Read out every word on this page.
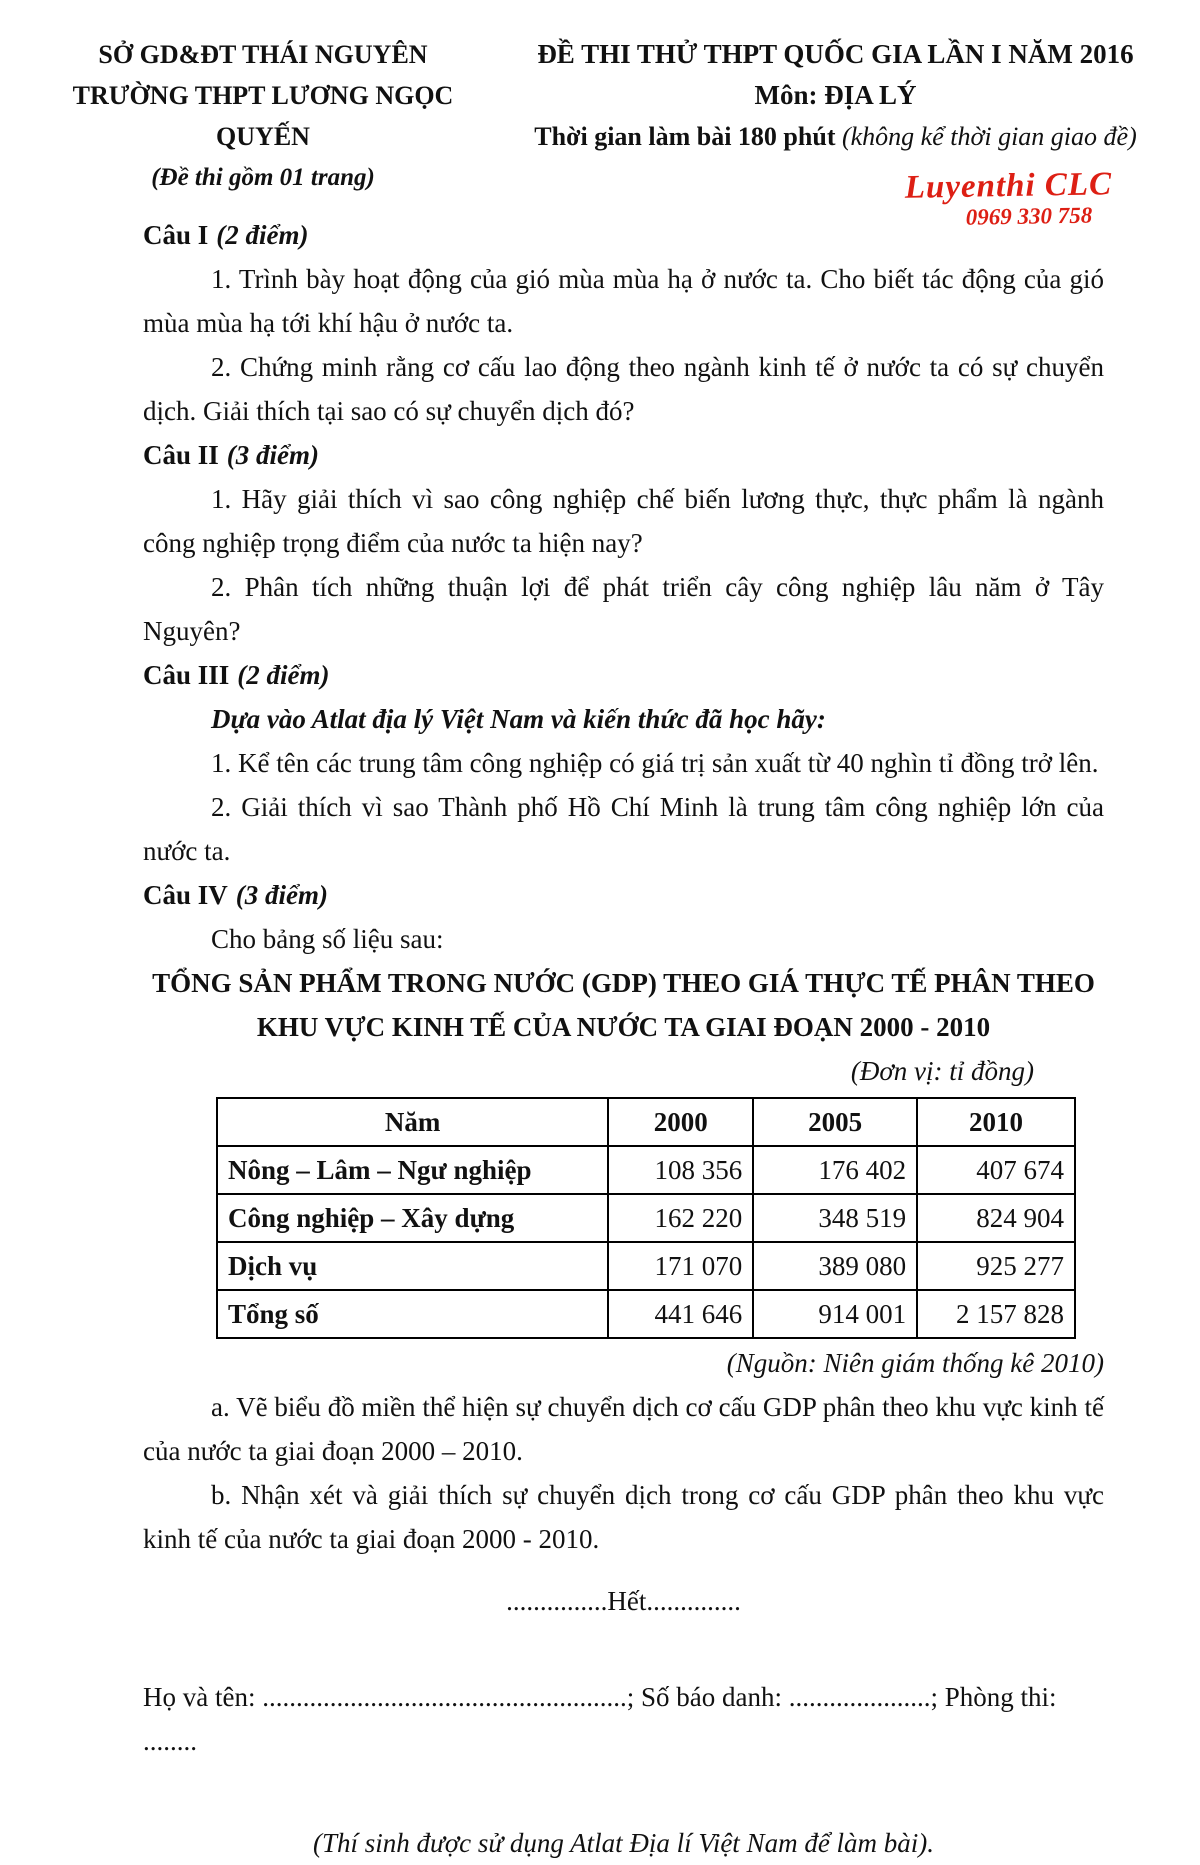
SỞ GD&ĐT THÁI NGUYÊN
TRƯỜNG THPT LƯƠNG NGỌC QUYẾN
(Đề thi gồm 01 trang)
ĐỀ THI THỬ THPT QUỐC GIA LẦN I NĂM 2016
Môn: ĐỊA LÝ
Thời gian làm bài 180 phút (không kể thời gian giao đề)
Luyenthi CLC
0969 330 758

Câu I (2 điểm)

1. Trình bày hoạt động của gió mùa mùa hạ ở nước ta. Cho biết tác động của gió mùa mùa hạ tới khí hậu ở nước ta.

2. Chứng minh rằng cơ cấu lao động theo ngành kinh tế ở nước ta có sự chuyển dịch. Giải thích tại sao có sự chuyển dịch đó?

Câu II (3 điểm)

1. Hãy giải thích vì sao công nghiệp chế biến lương thực, thực phẩm là ngành công nghiệp trọng điểm của nước ta hiện nay?

2. Phân tích những thuận lợi để phát triển cây công nghiệp lâu năm ở Tây Nguyên?

Câu III (2 điểm)

Dựa vào Atlat địa lý Việt Nam và kiến thức đã học hãy:

1. Kể tên các trung tâm công nghiệp có giá trị sản xuất từ 40 nghìn tỉ đồng trở lên.

2. Giải thích vì sao Thành phố Hồ Chí Minh là trung tâm công nghiệp lớn của nước ta.

Câu IV (3 điểm)

Cho bảng số liệu sau:

TỔNG SẢN PHẨM TRONG NƯỚC (GDP) THEO GIÁ THỰC TẾ PHÂN THEO KHU VỰC KINH TẾ CỦA NƯỚC TA GIAI ĐOẠN 2000 - 2010

(Đơn vị: tỉ đồng)

Năm	2000	2005	2010
Nông – Lâm – Ngư nghiệp	108 356	176 402	407 674
Công nghiệp – Xây dựng	162 220	348 519	824 904
Dịch vụ	171 070	389 080	925 277
Tổng số	441 646	914 001	2 157 828

(Nguồn: Niên giám thống kê 2010)

a. Vẽ biểu đồ miền thể hiện sự chuyển dịch cơ cấu GDP phân theo khu vực kinh tế của nước ta giai đoạn 2000 – 2010.

b. Nhận xét và giải thích sự chuyển dịch trong cơ cấu GDP phân theo khu vực kinh tế của nước ta giai đoạn 2000 - 2010.

...............Hết..............

Họ và tên: ......................................................; Số báo danh: .....................; Phòng thi: ........

(Thí sinh được sử dụng Atlat Địa lí Việt Nam để làm bài).
